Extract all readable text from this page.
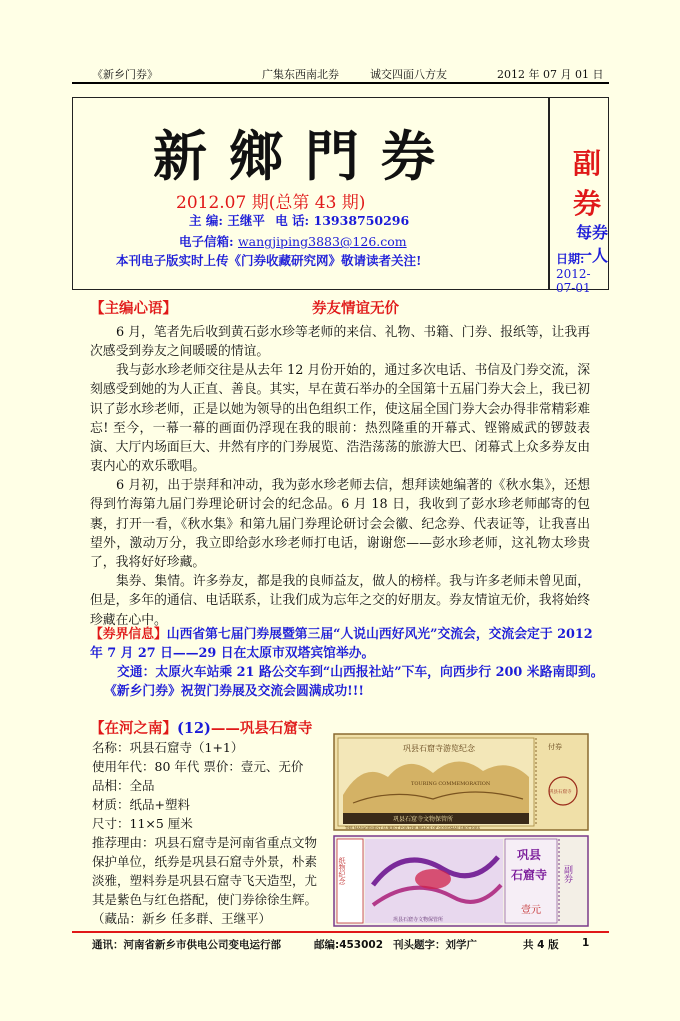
《新乡门券》	广集东西南北券	诚交四面八方友	2012 年 07 月 01 日
新鄉門券
2012.07 期(总第 43 期)
主 编: 王继平 电 话: 13938750296
电子信箱: wangjiping3883@126.com
本刊电子版实时上传《门券收藏研究网》敬请读者关注!
副券
每券一人
日期: 2012-07-01
【主编心语】	券友情谊无价
6 月，笔者先后收到黄石彭水珍等老师的来信、礼物、书籍、门券、报纸等，让我再次感受到券友之间暖暖的情谊。
我与彭水珍老师交往是从去年 12 月份开始的，通过多次电话、书信及门券交流，深刻感受到她的为人正直、善良。其实，早在黄石举办的全国第十五届门券大会上，我已初识了彭水珍老师，正是以她为领导的出色组织工作，使这届全国门券大会办得非常精彩难忘! 至今，一幕一幕的画面仍浮现在我的眼前：热烈隆重的开幕式、铿锵威武的锣鼓表演、大厅内场面巨大、井然有序的门券展览、浩浩荡荡的旅游大巴、闭幕式上众多券友由衷内心的欢乐歌唱。
6 月初，出于崇拜和冲动，我为彭水珍老师去信，想拜读她编著的《秋水集》，还想得到竹海第九届门券理论研讨会的纪念品。6 月 18 日，我收到了彭水珍老师邮寄的包裹，打开一看，《秋水集》和第九届门券理论研讨会会徽、纪念券、代表证等，让我喜出望外，激动万分，我立即给彭水珍老师打电话，谢谢您——彭水珍老师，这礼物太珍贵了，我将好好珍藏。
集券、集情。许多券友，都是我的良师益友，做人的榜样。我与许多老师未曾见面，但是，多年的通信、电话联系，让我们成为忘年之交的好朋友。券友情谊无价，我将始终珍藏在心中。
【券界信息】山西省第七届门券展暨第三届“人说山西好风光”交流会，交流会定于 2012
年 7 月 27 日——29 日在太原市双塔宾馆举办。
交通：太原火车站乘 21 路公交车到“山西报社站”下车，向西步行 200 米路南即到。
《新乡门券》祝贺门券展及交流会圆满成功!!!
【在河之南】(12)——巩县石窟寺
名称：巩县石窟寺（1+1）
使用年代：80 年代 票价：壹元、无价
品相：全品
材质：纸品+塑料
尺寸：11×5 厘米
推荐理由：巩县石窟寺是河南省重点文物
保护单位，纸券是巩县石窟寺外景，朴素
淡雅，塑料券是巩县石窟寺飞天造型，尤
其是紫色与红色搭配，使门券徐徐生辉。
（藏品：新乡 任多群、王继平）
巩县石窟寺游览纪念
TOURING COMMEMORATION
巩县石窟寺文物保管所
THE MANAGEMENT SUBJECT FOR THE RELICS OF GONGXIAN GROTTOES
付券
巩县石窟寺
纸物纪念
巩县
石窟寺
壹元
副券
巩县石窟寺文物保管所
通讯：河南省新乡市供电公司变电运行部	邮编:453002 刊头题字：刘学广	共 4 版 1
